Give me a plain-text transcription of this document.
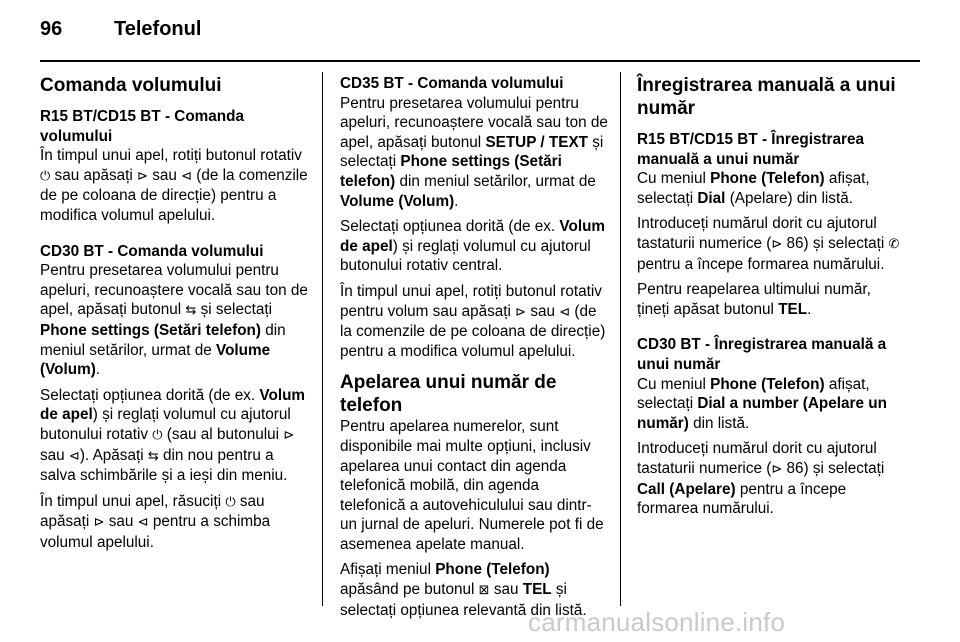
96	Telefonul
Comanda volumului
R15 BT/CD15 BT - Comanda volumului

În timpul unui apel, rotiți butonul rotativ ⏻ sau apăsați ⊳ sau ⊲ (de la comenzile de pe coloana de direcție) pentru a modifica volumul apelului.

CD30 BT - Comanda volumului

Pentru presetarea volumului pentru apeluri, recunoaștere vocală sau ton de apel, apăsați butonul ⇆ și selectați Phone settings (Setări telefon) din meniul setărilor, urmat de Volume (Volum).

Selectați opțiunea dorită (de ex. Volum de apel) și reglați volumul cu ajutorul butonului rotativ ⏻ (sau al butonului ⊳ sau ⊲). Apăsați ⇆ din nou pentru a salva schimbările și a ieși din meniu.

În timpul unui apel, răsuciți ⏻ sau apăsați ⊳ sau ⊲ pentru a schimba volumul apelului.

CD35 BT - Comanda volumului

Pentru presetarea volumului pentru apeluri, recunoaștere vocală sau ton de apel, apăsați butonul SETUP / TEXT și selectați Phone settings (Setări telefon) din meniul setărilor, urmat de Volume (Volum).

Selectați opțiunea dorită (de ex. Volum de apel) și reglați volumul cu ajutorul butonului rotativ central.

În timpul unui apel, rotiți butonul rotativ pentru volum sau apăsați ⊳ sau ⊲ (de la comenzile de pe coloana de direcție) pentru a modifica volumul apelului.

Apelarea unui număr de telefon

Pentru apelarea numerelor, sunt disponibile mai multe opțiuni, inclusiv apelarea unui contact din agenda telefonică mobilă, din agenda telefonică a autovehiculului sau dintr-un jurnal de apeluri. Numerele pot fi de asemenea apelate manual.

Afișați meniul Phone (Telefon) apăsând pe butonul ⊠ sau TEL și selectați opțiunea relevantă din listă.

Înregistrarea manuală a unui număr
R15 BT/CD15 BT - Înregistrarea manuală a unui număr

Cu meniul Phone (Telefon) afișat, selectați Dial (Apelare) din listă.

Introduceți numărul dorit cu ajutorul tastaturii numerice (⊳ 86) și selectați ✆ pentru a începe formarea numărului.

Pentru reapelarea ultimului număr, țineți apăsat butonul TEL.

CD30 BT - Înregistrarea manuală a unui număr

Cu meniul Phone (Telefon) afișat, selectați Dial a number (Apelare un număr) din listă.

Introduceți numărul dorit cu ajutorul tastaturii numerice (⊳ 86) și selectați Call (Apelare) pentru a începe formarea numărului.

carmanualsonline.info
